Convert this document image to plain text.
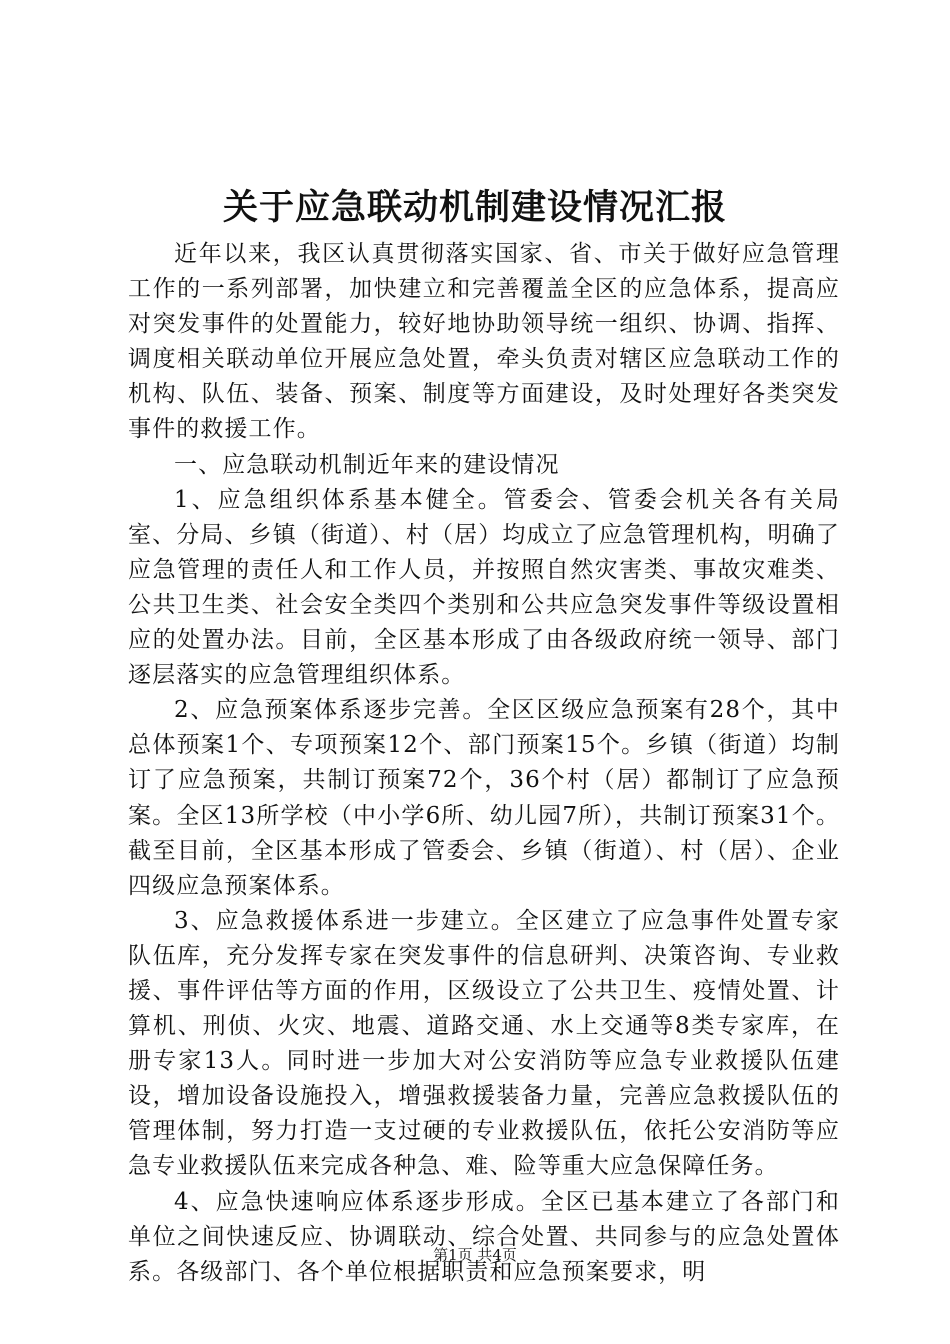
关于应急联动机制建设情况汇报

近年以来，我区认真贯彻落实国家、省、市关于做好应急管理工作的一系列部署，加快建立和完善覆盖全区的应急体系，提高应对突发事件的处置能力，较好地协助领导统一组织、协调、指挥、调度相关联动单位开展应急处置，牵头负责对辖区应急联动工作的机构、队伍、装备、预案、制度等方面建设，及时处理好各类突发事件的救援工作。

一、应急联动机制近年来的建设情况

1、应急组织体系基本健全。管委会、管委会机关各有关局室、分局、乡镇（街道）、村（居）均成立了应急管理机构，明确了应急管理的责任人和工作人员，并按照自然灾害类、事故灾难类、公共卫生类、社会安全类四个类别和公共应急突发事件等级设置相应的处置办法。目前，全区基本形成了由各级政府统一领导、部门逐层落实的应急管理组织体系。

2、应急预案体系逐步完善。全区区级应急预案有28个，其中总体预案1个、专项预案12个、部门预案15个。乡镇（街道）均制订了应急预案，共制订预案72个，36个村（居）都制订了应急预案。全区13所学校（中小学6所、幼儿园7所），共制订预案31个。截至目前，全区基本形成了管委会、乡镇（街道）、村（居）、企业四级应急预案体系。

3、应急救援体系进一步建立。全区建立了应急事件处置专家队伍库，充分发挥专家在突发事件的信息研判、决策咨询、专业救援、事件评估等方面的作用，区级设立了公共卫生、疫情处置、计算机、刑侦、火灾、地震、道路交通、水上交通等8类专家库，在册专家13人。同时进一步加大对公安消防等应急专业救援队伍建设，增加设备设施投入，增强救援装备力量，完善应急救援队伍的管理体制，努力打造一支过硬的专业救援队伍，依托公安消防等应急专业救援队伍来完成各种急、难、险等重大应急保障任务。

4、应急快速响应体系逐步形成。全区已基本建立了各部门和单位之间快速反应、协调联动、综合处置、共同参与的应急处置体系。各级部门、各个单位根据职责和应急预案要求，明

第1页 共4页
